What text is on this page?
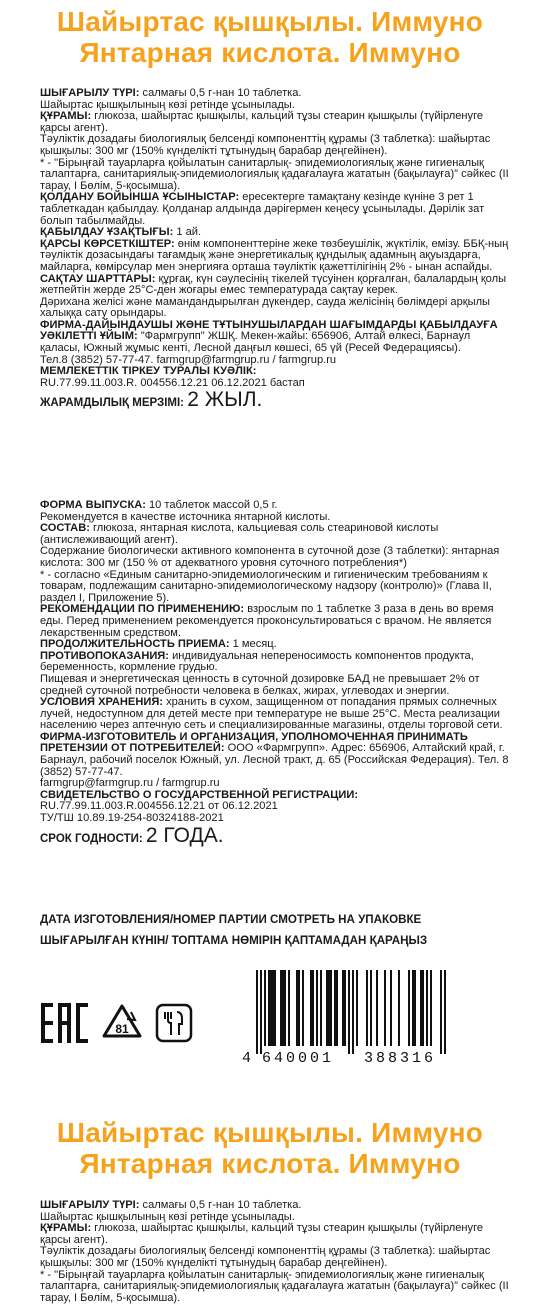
Шайыртас қышқылы. Иммуно
Янтарная кислота. Иммуно

ШЫҒАРЫЛУ ТҮРІ: салмағы 0,5 г-нан 10 таблетка.

Шайыртас қышқылының көзі ретінде ұсынылады.

ҚҰРАМЫ: глюкоза, шайыртас қышқылы, кальций тұзы стеарин қышқылы (түйірленуге қарсы агент).

Тәуліктік дозадағы биологиялық белсенді компоненттің құрамы (3 таблетка): шайыртас қышқылы: 300 мг (150% күнделікті тұтынудың барабар деңгейінен).

* - "Бірыңғай тауарларға қойылатын санитарлық- эпидемиологиялық және гигиеналық талаптарға, санитариялық-эпидемиологиялық қадағалауға жататын (бақылауға)" сәйкес (II тарау, I Бөлім, 5-қосымша).

ҚОЛДАНУ БОЙЫНША ҰСЫНЫСТАР: ересектерге тамақтану кезінде күніне 3 рет 1 таблеткадан қабылдау. Қолданар алдында дәрігермен кеңесу ұсынылады. Дәрілік зат болып табылмайды.

ҚАБЫЛДАУ ҰЗАҚТЫҒЫ: 1 ай.

ҚАРСЫ КӨРСЕТКІШТЕР: өнім компоненттеріне жеке төзбеушілік, жүктілік, емізу. ББҚ-ның тәуліктік дозасындағы тағамдық және энергетикалық құндылық адамның ақуыздарға, майларға, көмірсулар мен энергияға орташа тәуліктік қажеттілігінің 2% - ынан аспайды.

САҚТАУ ШАРТТАРЫ: құрғақ, күн сәулесінің тікелей түсуінен қорғалған, балалардың қолы жетпейтін жерде 25°С-ден жоғары емес температурада сақтау керек.

Дәрихана желісі және мамандандырылған дүкендер, сауда желісінің бөлімдері арқылы халыққа сату орындары.

ФИРМА-ДАЙЫНДАУШЫ ЖӘНЕ ТҰТЫНУШЫЛАРДАН ШАҒЫМДАРДЫ ҚАБЫЛДАУҒА УӘКІЛЕТТІ ҰЙЫМ: "Фармгрупп" ЖШҚ. Мекен-жайы: 656906, Алтай өлкесі, Барнаул қаласы, Южный жұмыс кенті, Лесной даңғыл көшесі, 65 үй (Ресей Федерациясы).

Тел.8 (3852) 57-77-47. farmgrup@farmgrup.ru / farmgrup.ru

МЕМЛЕКЕТТІК ТІРКЕУ ТУРАЛЫ КУӘЛІК:

RU.77.99.11.003.R. 004556.12.21 06.12.2021 бастап

ЖАРАМДЫЛЫҚ МЕРЗІМІ: 2 ЖЫЛ.

ФОРМА ВЫПУСКА: 10 таблеток массой 0,5 г.

Рекомендуется в качестве источника янтарной кислоты.

СОСТАВ: глюкоза, янтарная кислота, кальциевая соль стеариновой кислоты (антислеживающий агент).

Содержание биологически активного компонента в суточной дозе (3 таблетки): янтарная кислота: 300 мг (150 % от адекватного уровня суточного потребления*)

* - согласно «Единым санитарно-эпидемиологическим и гигиеническим требованиям к товарам, подлежащим санитарно-эпидемиологическому надзору (контролю)» (Глава II, раздел I, Приложение 5).

РЕКОМЕНДАЦИИ ПО ПРИМЕНЕНИЮ: взрослым по 1 таблетке 3 раза в день во время еды. Перед применением рекомендуется проконсультироваться с врачом. Не является лекарственным средством.

ПРОДОЛЖИТЕЛЬНОСТЬ ПРИЕМА: 1 месяц.

ПРОТИВОПОКАЗАНИЯ: индивидуальная непереносимость компонентов продукта, беременность, кормление грудью.

Пищевая и энергетическая ценность в суточной дозировке БАД не превышает 2% от средней суточной потребности человека в белках, жирах, углеводах и энергии.

УСЛОВИЯ ХРАНЕНИЯ: хранить в сухом, защищенном от попадания прямых солнечных лучей, недоступном для детей месте при температуре не выше 25°С. Места реализации населению через аптечную сеть и специализированные магазины, отделы торговой сети.

ФИРМА-ИЗГОТОВИТЕЛЬ И ОРГАНИЗАЦИЯ, УПОЛНОМОЧЕННАЯ ПРИНИМАТЬ ПРЕТЕНЗИИ ОТ ПОТРЕБИТЕЛЕЙ: ООО «Фармгрупп». Адрес: 656906, Алтайский край, г. Барнаул, рабочий поселок Южный, ул. Лесной тракт, д. 65 (Российская Федерация). Тел. 8 (3852) 57-77-47.

farmgrup@farmgrup.ru / farmgrup.ru

СВИДЕТЕЛЬСТВО О ГОСУДАРСТВЕННОЙ РЕГИСТРАЦИИ:

RU.77.99.11.003.R.004556.12.21 от 06.12.2021

ТУ/ТШ 10.89.19-254-80324188-2021

СРОК ГОДНОСТИ: 2 ГОДА.

ДАТА ИЗГОТОВЛЕНИЯ/НОМЕР ПАРТИИ СМОТРЕТЬ НА УПАКОВКЕ
ШЫҒАРЫЛҒАН КҮНІН/ ТОПТАМА НӨМІРІН ҚАПТАМАДАН ҚАРАҢЫЗ
81
4 640001 388316
Шайыртас қышқылы. Иммуно
Янтарная кислота. Иммуно

ШЫҒАРЫЛУ ТҮРІ: салмағы 0,5 г-нан 10 таблетка.

Шайыртас қышқылының көзі ретінде ұсынылады.

ҚҰРАМЫ: глюкоза, шайыртас қышқылы, кальций тұзы стеарин қышқылы (түйірленуге қарсы агент).

Тәуліктік дозадағы биологиялық белсенді компоненттің құрамы (3 таблетка): шайыртас қышқылы: 300 мг (150% күнделікті тұтынудың барабар деңгейінен).

* - "Бірыңғай тауарларға қойылатын санитарлық- эпидемиологиялық және гигиеналық талаптарға, санитариялық-эпидемиологиялық қадағалауға жататын (бақылауға)" сәйкес (II тарау, I Бөлім, 5-қосымша).
